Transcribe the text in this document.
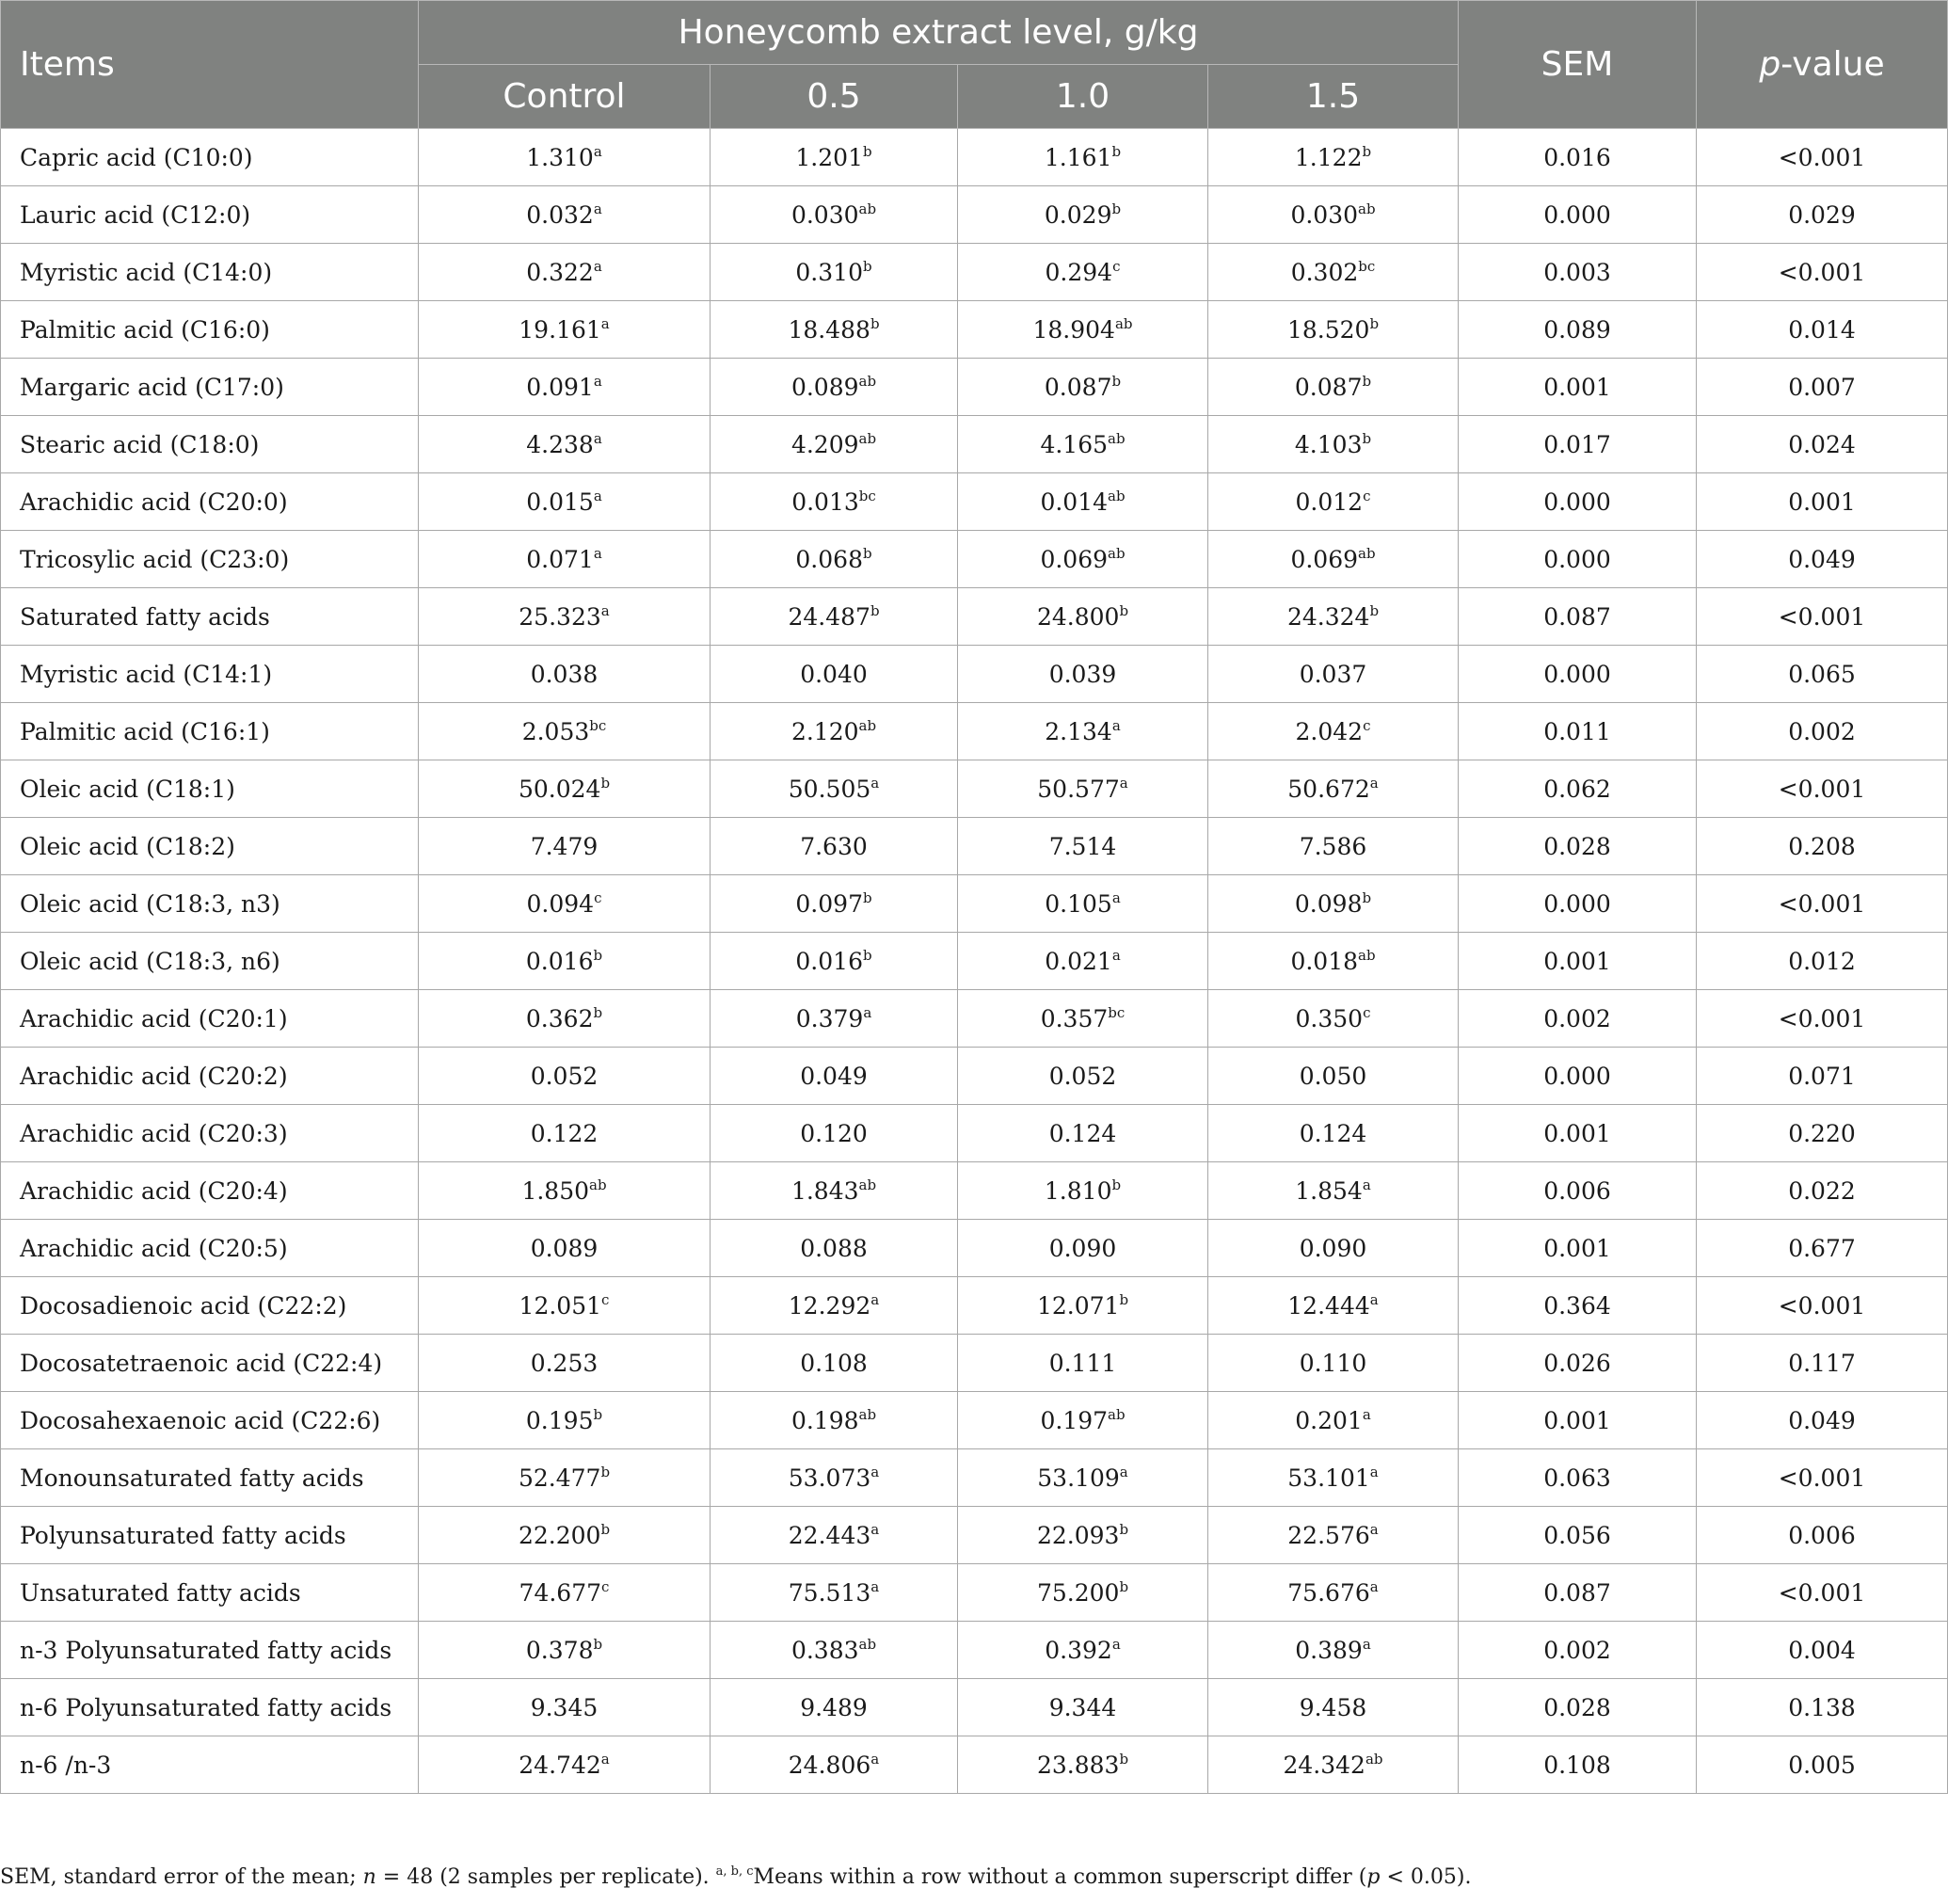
Items	Honeycomb extract level, g/kg				SEM	p-value
	Control	0.5	1.0	1.5		
Capric acid (C10:0)	1.310$^a$	1.201$^b$	1.161$^b$	1.122$^b$	0.016	<0.001
Lauric acid (C12:0)	0.032$^a$	0.030$^{ab}$	0.029$^b$	0.030$^{ab}$	0.000	0.029
Myristic acid (C14:0)	0.322$^a$	0.310$^b$	0.294$^c$	0.302$^{bc}$	0.003	<0.001
Palmitic acid (C16:0)	19.161$^a$	18.488$^b$	18.904$^{ab}$	18.520$^b$	0.089	0.014
Margaric acid (C17:0)	0.091$^a$	0.089$^{ab}$	0.087$^b$	0.087$^b$	0.001	0.007
Stearic acid (C18:0)	4.238$^a$	4.209$^{ab}$	4.165$^{ab}$	4.103$^b$	0.017	0.024
Arachidic acid (C20:0)	0.015$^a$	0.013$^{bc}$	0.014$^{ab}$	0.012$^c$	0.000	0.001
Tricosylic acid (C23:0)	0.071$^a$	0.068$^b$	0.069$^{ab}$	0.069$^{ab}$	0.000	0.049
Saturated fatty acids	25.323$^a$	24.487$^b$	24.800$^b$	24.324$^b$	0.087	<0.001
Myristic acid (C14:1)	0.038	0.040	0.039	0.037	0.000	0.065
Palmitic acid (C16:1)	2.053$^{bc}$	2.120$^{ab}$	2.134$^a$	2.042$^c$	0.011	0.002
Oleic acid (C18:1)	50.024$^b$	50.505$^a$	50.577$^a$	50.672$^a$	0.062	<0.001
Oleic acid (C18:2)	7.479	7.630	7.514	7.586	0.028	0.208
Oleic acid (C18:3, n3)	0.094$^c$	0.097$^b$	0.105$^a$	0.098$^b$	0.000	<0.001
Oleic acid (C18:3, n6)	0.016$^b$	0.016$^b$	0.021$^a$	0.018$^{ab}$	0.001	0.012
Arachidic acid (C20:1)	0.362$^b$	0.379$^a$	0.357$^{bc}$	0.350$^c$	0.002	<0.001
Arachidic acid (C20:2)	0.052	0.049	0.052	0.050	0.000	0.071
Arachidic acid (C20:3)	0.122	0.120	0.124	0.124	0.001	0.220
Arachidic acid (C20:4)	1.850$^{ab}$	1.843$^{ab}$	1.810$^b$	1.854$^a$	0.006	0.022
Arachidic acid (C20:5)	0.089	0.088	0.090	0.090	0.001	0.677
Docosadienoic acid (C22:2)	12.051$^c$	12.292$^a$	12.071$^b$	12.444$^a$	0.364	<0.001
Docosatetraenoic acid (C22:4)	0.253	0.108	0.111	0.110	0.026	0.117
Docosahexaenoic acid (C22:6)	0.195$^b$	0.198$^{ab}$	0.197$^{ab}$	0.201$^a$	0.001	0.049
Monounsaturated fatty acids	52.477$^b$	53.073$^a$	53.109$^a$	53.101$^a$	0.063	<0.001
Polyunsaturated fatty acids	22.200$^b$	22.443$^a$	22.093$^b$	22.576$^a$	0.056	0.006
Unsaturated fatty acids	74.677$^c$	75.513$^a$	75.200$^b$	75.676$^a$	0.087	<0.001
n-3 Polyunsaturated fatty acids	0.378$^b$	0.383$^{ab}$	0.392$^a$	0.389$^a$	0.002	0.004
n-6 Polyunsaturated fatty acids	9.345	9.489	9.344	9.458	0.028	0.138
n-6 /n-3	24.742$^a$	24.806$^a$	23.883$^b$	24.342$^{ab}$	0.108	0.005
SEM, standard error of the mean; n = 48 (2 samples per replicate). $^{a, b, c}$Means within a row without a common superscript differ (p < 0.05).
